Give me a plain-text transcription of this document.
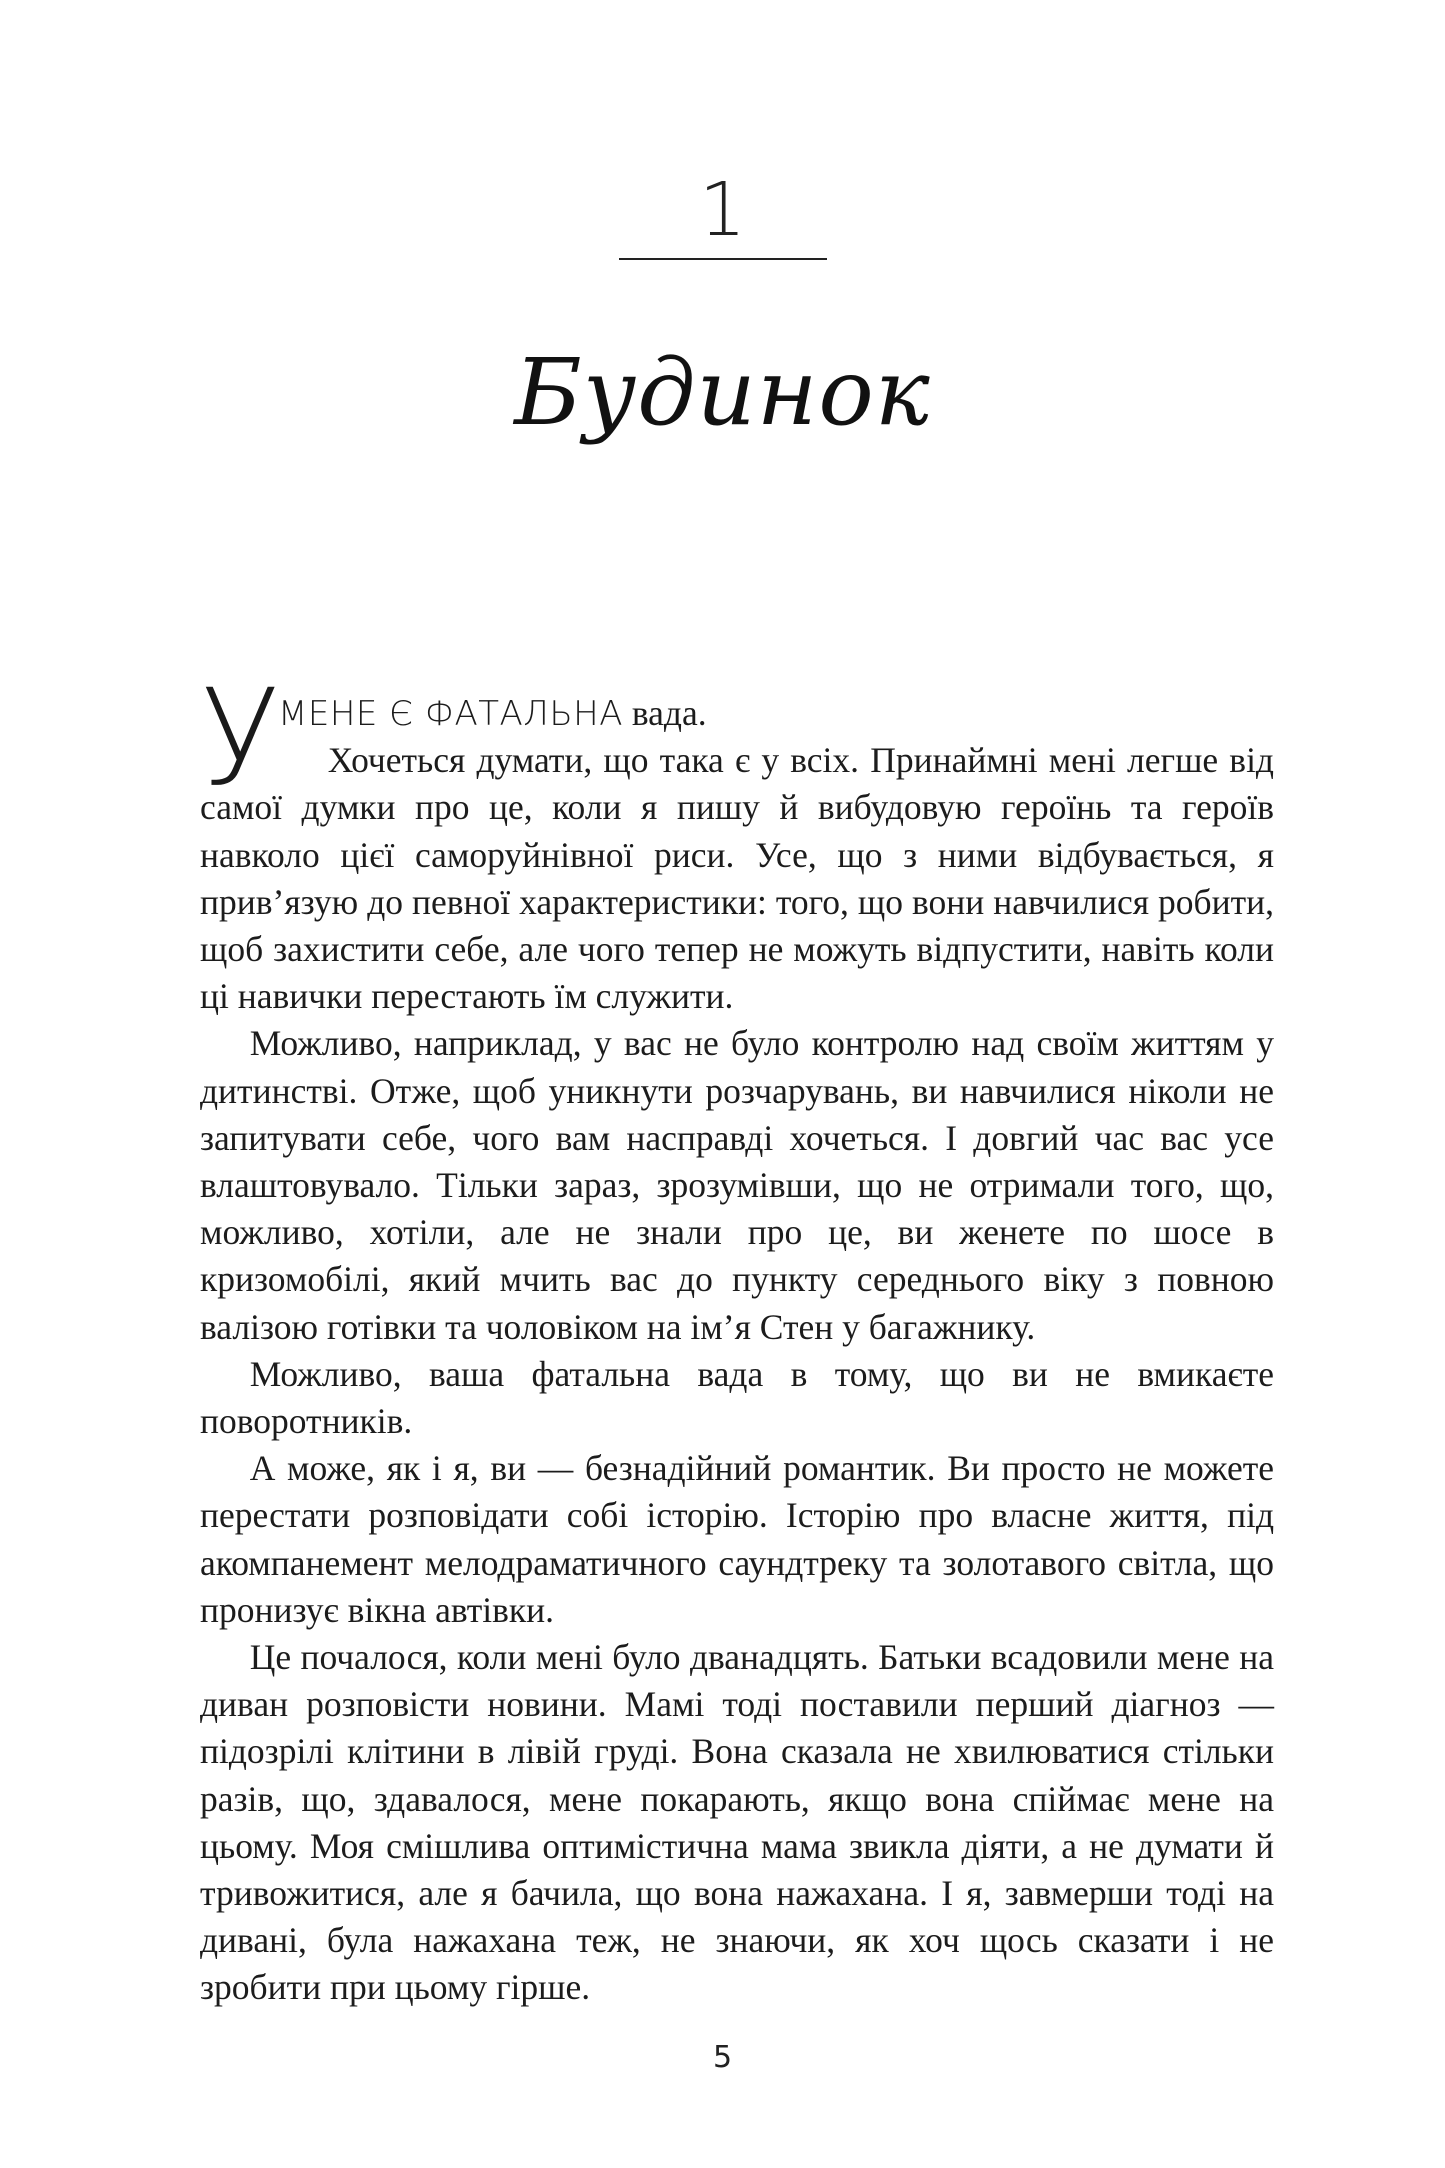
1
Будинок
У
МЕНЕ Є ФАТАЛЬНА вада.

Хочеться думати, що така є у всіх. Принаймні мені легше від самої думки про це, коли я пишу й вибудовую героїнь та героїв навколо цієї саморуйнівної риси. Усе, що з ними відбувається, я прив’язую до певної характеристики: того, що вони навчилися робити, щоб захистити себе, але чого тепер не можуть відпустити, навіть коли ці навички перестають їм служити.

Можливо, наприклад, у вас не було контролю над своїм життям у дитинстві. Отже, щоб уникнути розчарувань, ви навчилися ніколи не запитувати себе, чого вам насправді хочеться. І довгий час вас усе влаштовувало. Тільки зараз, зрозумівши, що не отримали того, що, можливо, хотіли, але не знали про це, ви женете по шосе в кризомобілі, який мчить вас до пункту середнього віку з повною валізою готівки та чоловіком на ім’я Стен у багажнику.

Можливо, ваша фатальна вада в тому, що ви не вмикаєте поворотників.

А може, як і я, ви — безнадійний романтик. Ви просто не можете перестати розповідати собі історію. Історію про власне життя, під акомпанемент мелодраматичного саундтреку та золотавого світла, що пронизує вікна автівки.

Це почалося, коли мені було дванадцять. Батьки всадовили мене на диван розповісти новини. Мамі тоді поставили перший діагноз — підозрілі клітини в лівій груді. Вона сказала не хвилюватися стільки разів, що, здавалося, мене покарають, якщо вона спіймає мене на цьому. Моя смішлива оптимістична мама звикла діяти, а не думати й тривожитися, але я бачила, що вона нажахана. І я, завмерши тоді на дивані, була нажахана теж, не знаючи, як хоч щось сказати і не зробити при цьому гірше.

5
